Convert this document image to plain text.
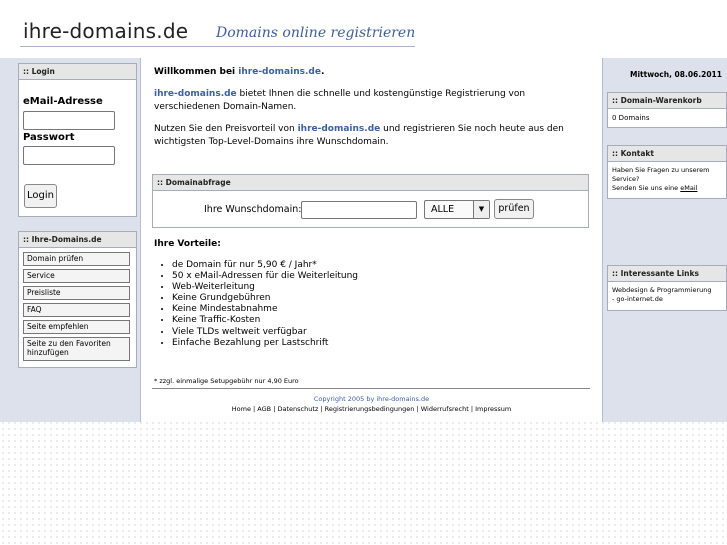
ihre-domains.de Domains online registrieren
:: Login
eMail-Adresse
Passwort
Login
:: Ihre-Domains.de
Domain prüfen
Service
Preisliste
FAQ
Seite empfehlen
Seite zu den Favoriten hinzufügen
Willkommen bei ihre-domains.de.
ihre-domains.de bietet Ihnen die schnelle und kostengünstige Registrierung von verschiedenen Domain-Namen.
Nutzen Sie den Preisvorteil von ihre-domains.de und registrieren Sie noch heute aus den wichtigsten Top-Level-Domains ihre Wunschdomain.
:: Domainabfrage
Ihre Wunschdomain:	ALLE	▼	prüfen
Ihre Vorteile:
• de Domain für nur 5,90 € / Jahr*
• 50 x eMail-Adressen für die Weiterleitung
• Web-Weiterleitung
• Keine Grundgebühren
• Keine Mindestabnahme
• Keine Traffic-Kosten
• Viele TLDs weltweit verfügbar
• Einfache Bezahlung per Lastschrift
* zzgl. einmalige Setupgebühr nur 4,90 Euro
Copyright 2005 by ihre-domains.de
Home | AGB | Datenschutz | Registrierungsbedingungen | Widerrufsrecht | Impressum
Mittwoch, 08.06.2011
:: Domain-Warenkorb
0 Domains
:: Kontakt
Haben Sie Fragen zu unserem Service?
Senden Sie uns eine eMail
:: Interessante Links
Webdesign & Programmierung
- go-internet.de
